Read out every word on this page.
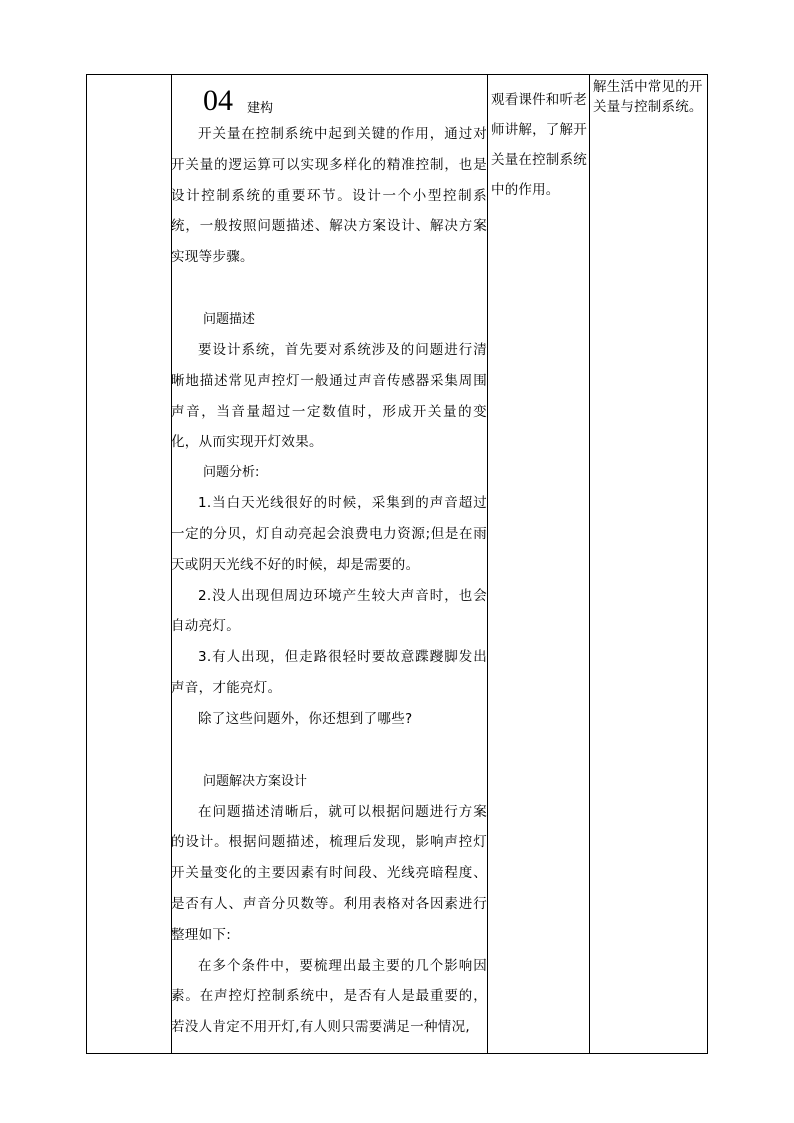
04 建构

开关量在控制系统中起到关键的作用，通过对开关量的逻运算可以实现多样化的精准控制，也是设计控制系统的重要环节。设计一个小型控制系统，一般按照问题描述、解决方案设计、解决方案实现等步骤。

问题描述

要设计系统，首先要对系统涉及的问题进行清晰地描述常见声控灯一般通过声音传感器采集周围声音，当音量超过一定数值时，形成开关量的变化，从而实现开灯效果。

问题分析:

1.当白天光线很好的时候，采集到的声音超过一定的分贝，灯自动亮起会浪费电力资源;但是在雨天或阴天光线不好的时候，却是需要的。

2.没人出现但周边环境产生较大声音时，也会自动亮灯。

3.有人出现，但走路很轻时要故意蹀躞脚发出声音，才能亮灯。

除了这些问题外，你还想到了哪些?

问题解决方案设计

在问题描述清晰后，就可以根据问题进行方案的设计。根据问题描述，梳理后发现，影响声控灯开关量变化的主要因素有时间段、光线亮暗程度、是否有人、声音分贝数等。利用表格对各因素进行整理如下:

在多个条件中，要梳理出最主要的几个影响因素。在声控灯控制系统中，是否有人是最重要的，若没人肯定不用开灯,有人则只需要满足一种情况,

观看课件和听老师讲解，了解开关量在控制系统中的作用。
解生活中常见的开关量与控制系统。
